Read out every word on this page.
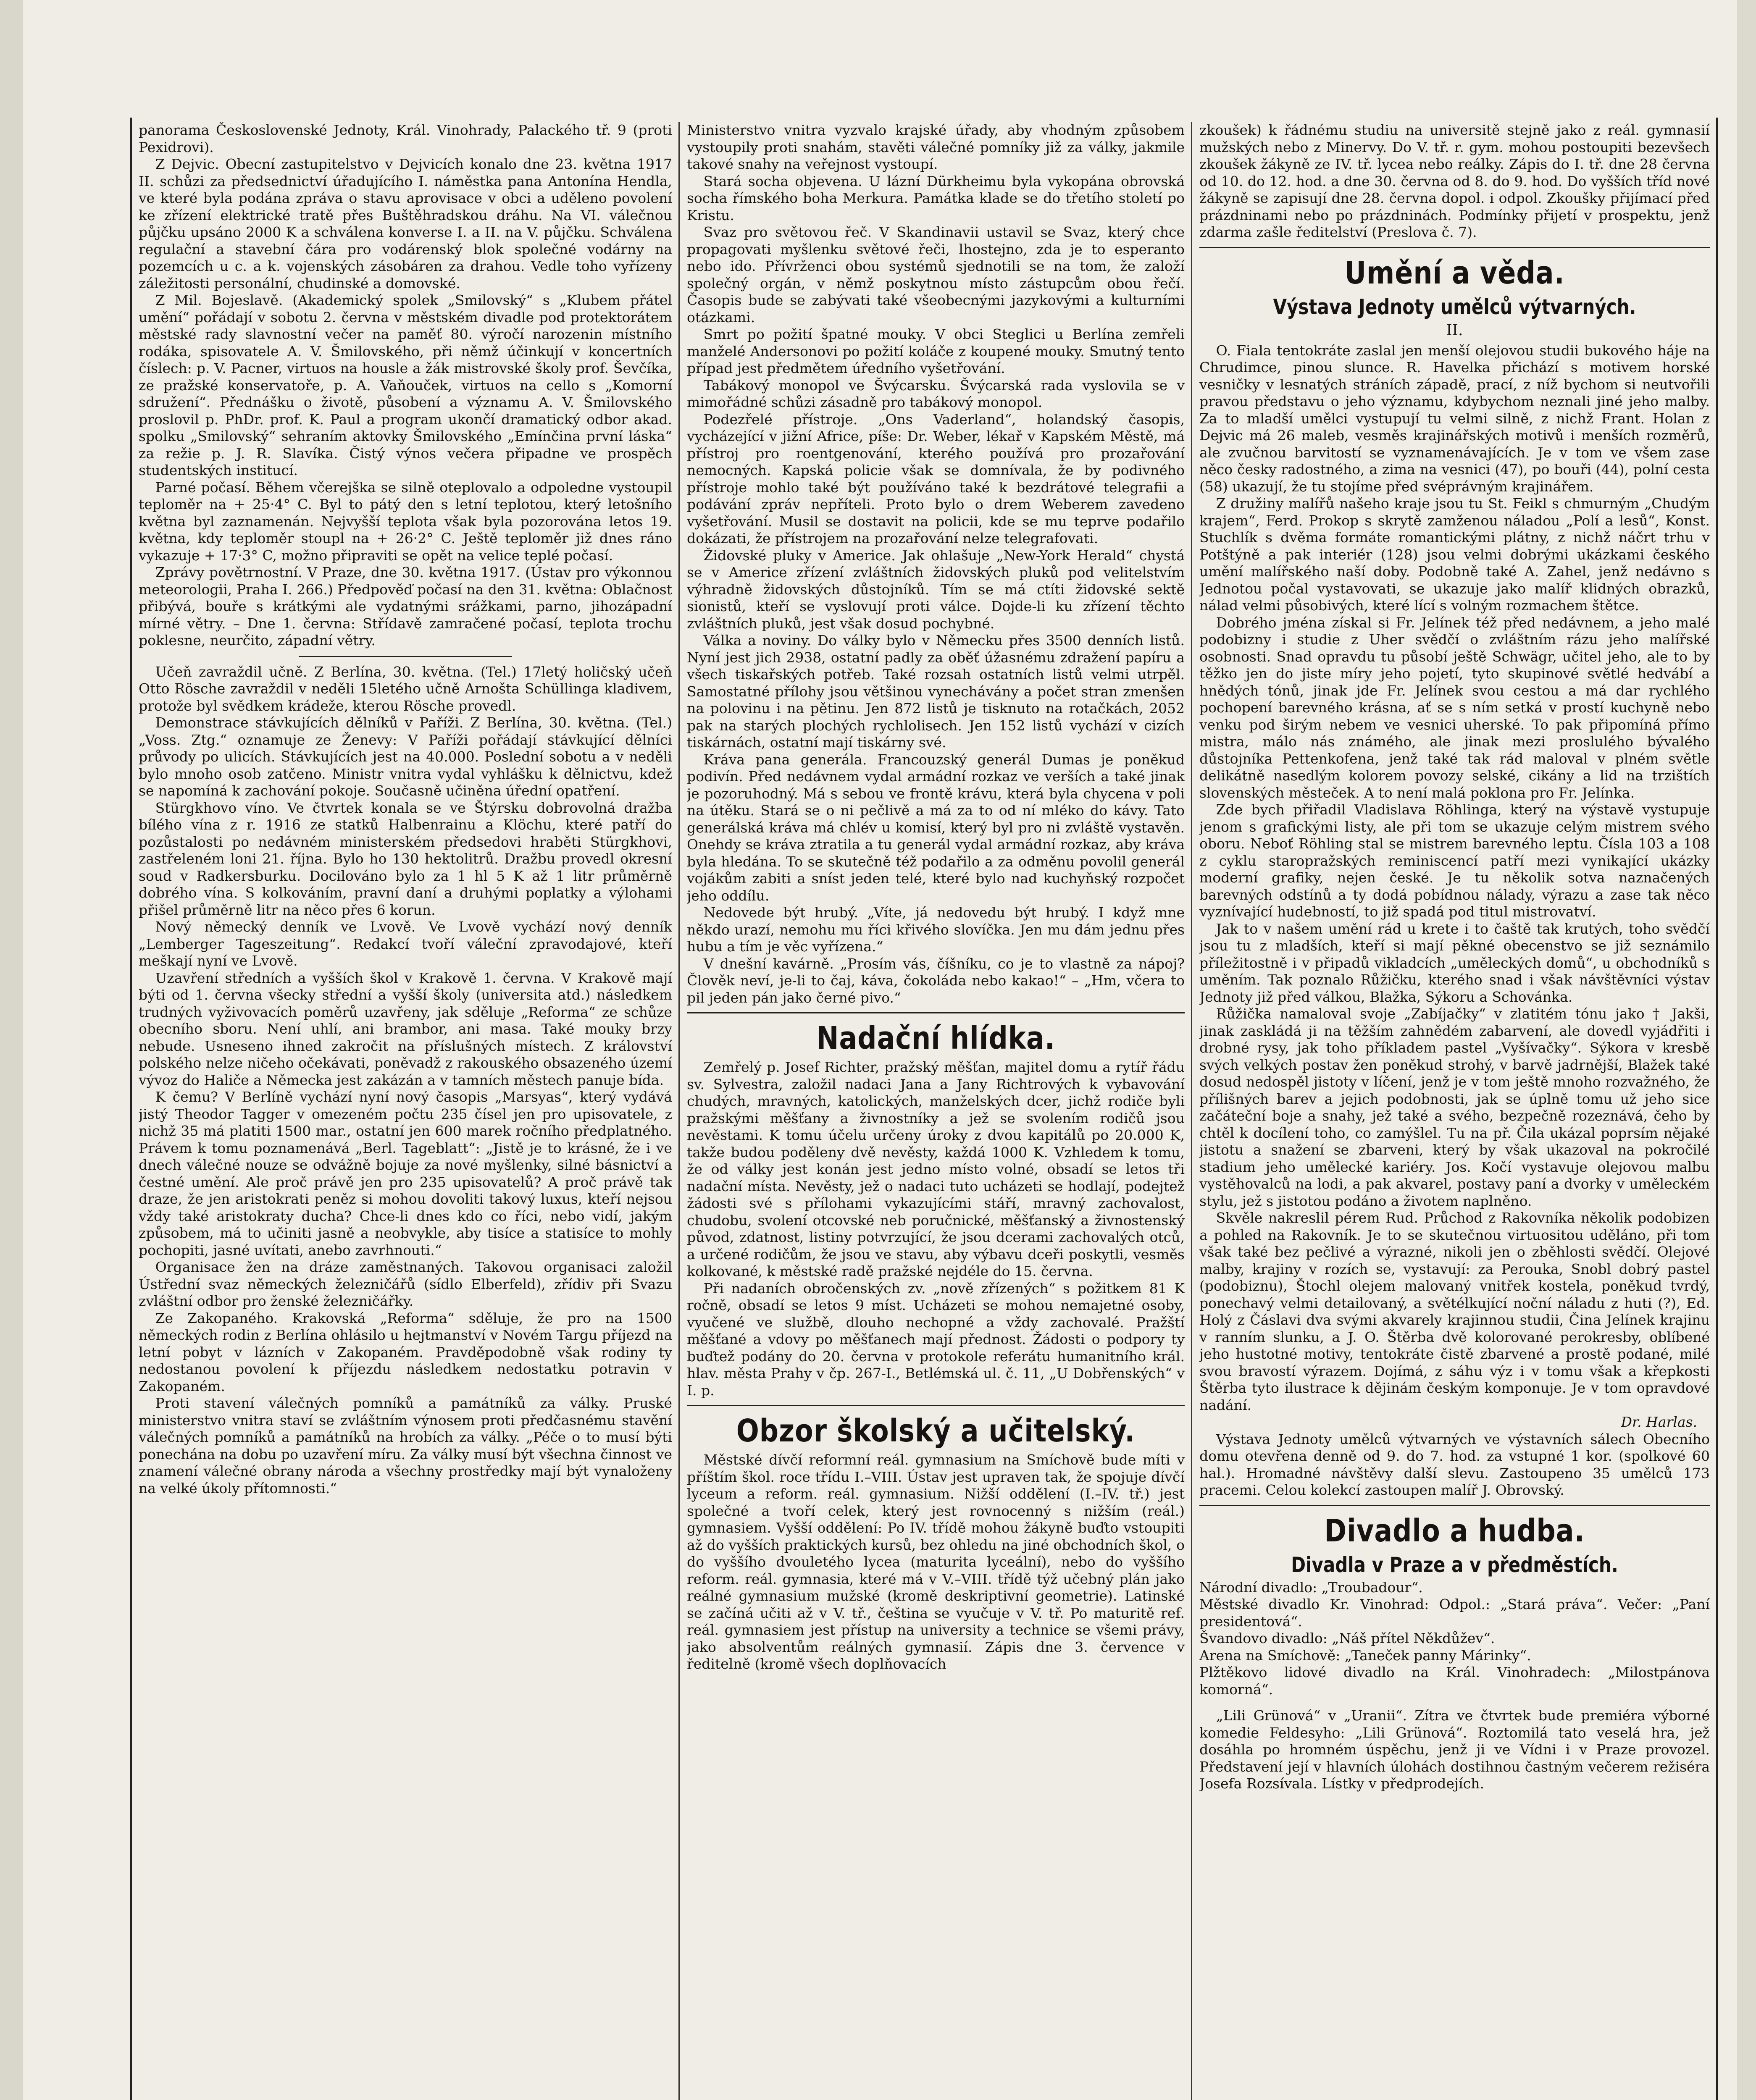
panorama Československé Jednoty, Král. Vinohrady, Palackého tř. 9 (proti Pexidrovi).

Z Dejvic. Obecní zastupitelstvo v Dejvicích konalo dne 23. května 1917 II. schůzi za předsednictví úřadujícího I. náměstka pana Antonína Hendla, ve které byla podána zpráva o stavu aprovisace v obci a uděleno povolení ke zřízení elektrické tratě přes Buštěhradskou dráhu. Na VI. válečnou půjčku upsáno 2000 K a schválena konverse I. a II. na V. půjčku. Schválena regulační a stavební čára pro vodárenský blok společné vodárny na pozemcích u c. a k. vojenských zásobáren za drahou. Vedle toho vyřízeny záležitosti personální, chudinské a domovské.

Z Mil. Bojeslavě. (Akademický spolek „Smilovský“ s „Klubem přátel umění“ pořádají v sobotu 2. června v městském divadle pod protektorátem městské rady slavnostní večer na paměť 80. výročí narozenin místního rodáka, spisovatele A. V. Šmilovského, při němž účinkují v koncertních číslech: p. V. Pacner, virtuos na housle a žák mistrovské školy prof. Ševčíka, ze pražské konservatoře, p. A. Vaňouček, virtuos na cello s „Komorní sdružení“. Přednášku o životě, působení a významu A. V. Šmilovského proslovil p. PhDr. prof. K. Paul a program ukončí dramatický odbor akad. spolku „Smilovský“ sehraním aktovky Šmilovského „Emínčina první láska“ za režie p. J. R. Slavíka. Čistý výnos večera připadne ve prospěch studentských institucí.

Parné počasí. Během včerejška se silně oteplovalo a odpoledne vystoupil teploměr na + 25·4° C. Byl to pátý den s letní teplotou, který letošního května byl zaznamenán. Nejvyšší teplota však byla pozorována letos 19. května, kdy teploměr stoupl na + 26·2° C. Ještě teploměr již dnes ráno vykazuje + 17·3° C, možno připraviti se opět na velice teplé počasí.

Zprávy povětrnostní. V Praze, dne 30. května 1917. (Ústav pro výkonnou meteorologii, Praha I. 266.) Předpověď počasí na den 31. května: Oblačnost přibývá, bouře s krátkými ale vydatnými srážkami, parno, jihozápadní mírné větry. – Dne 1. června: Střídavě zamračené počasí, teplota trochu poklesne, neurčito, západní větry.

Učeň zavraždil učně. Z Berlína, 30. května. (Tel.) 17letý holičský učeň Otto Rösche zavraždil v neděli 15letého učně Arnošta Schüllinga kladivem, protože byl svědkem krádeže, kterou Rösche provedl.

Demonstrace stávkujících dělníků v Paříži. Z Berlína, 30. května. (Tel.) „Voss. Ztg.“ oznamuje ze Ženevy: V Paříži pořádají stávkující dělníci průvody po ulicích. Stávkujících jest na 40.000. Poslední sobotu a v neděli bylo mnoho osob zatčeno. Ministr vnitra vydal vyhlášku k dělnictvu, kdež se napomíná k zachování pokoje. Současně učiněna úřední opatření.

Stürgkhovo víno. Ve čtvrtek konala se ve Štýrsku dobrovolná dražba bílého vína z r. 1916 ze statků Halbenrainu a Klöchu, které patří do pozůstalosti po nedávném ministerském předsedovi hraběti Stürgkhovi, zastřeleném loni 21. října. Bylo ho 130 hektolitrů. Dražbu provedl okresní soud v Radkersburku. Docilováno bylo za 1 hl 5 K až 1 litr průměrně dobrého vína. S kolkováním, pravní daní a druhými poplatky a výlohami přišel průměrně litr na něco přes 6 korun.

Nový německý denník ve Lvově. Ve Lvově vychází nový denník „Lemberger Tageszeitung“. Redakcí tvoří váleční zpravodajové, kteří meškají nyní ve Lvově.

Uzavření středních a vyšších škol v Krakově 1. června. V Krakově mají býti od 1. června všecky střední a vyšší školy (universita atd.) následkem trudných vyživovacích poměrů uzavřeny, jak sděluje „Reforma“ ze schůze obecního sboru. Není uhlí, ani brambor, ani masa. Také mouky brzy nebude. Usneseno ihned zakročit na příslušných místech. Z království polského nelze ničeho očekávati, poněvadž z rakouského obsazeného území vývoz do Haliče a Německa jest zakázán a v tamních městech panuje bída.

K čemu? V Berlíně vychází nyní nový časopis „Marsyas“, který vydává jistý Theodor Tagger v omezeném počtu 235 čísel jen pro upisovatele, z nichž 35 má platiti 1500 mar., ostatní jen 600 marek ročního předplatného. Právem k tomu poznamenává „Berl. Tageblatt“: „Jistě je to krásné, že i ve dnech válečné nouze se odvážně bojuje za nové myšlenky, silné básnictví a čestné umění. Ale proč právě jen pro 235 upisovatelů? A proč právě tak draze, že jen aristokrati peněz si mohou dovoliti takový luxus, kteří nejsou vždy také aristokraty ducha? Chce-li dnes kdo co říci, nebo vidí, jakým způsobem, má to učiniti jasně a neobvykle, aby tisíce a statisíce to mohly pochopiti, jasné uvítati, anebo zavrhnouti.“

Organisace žen na dráze zaměstnaných. Takovou organisaci založil Ústřední svaz německých železničářů (sídlo Elberfeld), zřídiv při Svazu zvláštní odbor pro ženské železničářky.

Ze Zakopaného. Krakovská „Reforma“ sděluje, že pro na 1500 německých rodin z Berlína ohlásilo u hejtmanství v Novém Targu příjezd na letní pobyt v lázních v Zakopaném. Pravděpodobně však rodiny ty nedostanou povolení k příjezdu následkem nedostatku potravin v Zakopaném.

Proti stavení válečných pomníků a památníků za války. Pruské ministerstvo vnitra staví se zvláštním výnosem proti předčasnému stavění válečných pomníků a památníků na hrobích za války. „Péče o to musí býti ponechána na dobu po uzavření míru. Za války musí být všechna činnost ve znamení válečné obrany národa a všechny prostředky mají být vynaloženy na velké úkoly přítomnosti.“

Ministerstvo vnitra vyzvalo krajské úřady, aby vhodným způsobem vystoupily proti snahám, stavěti válečné pomníky již za války, jakmile takové snahy na veřejnost vystoupí.

Stará socha objevena. U lázní Dürkheimu byla vykopána obrovská socha římského boha Merkura. Památka klade se do třetího století po Kristu.

Svaz pro světovou řeč. V Skandinavii ustavil se Svaz, který chce propagovati myšlenku světové řeči, lhostejno, zda je to esperanto nebo ido. Přívrženci obou systémů sjednotili se na tom, že založí společný orgán, v němž poskytnou místo zástupcům obou řečí. Časopis bude se zabývati také všeobecnými jazykovými a kulturními otázkami.

Smrt po požití špatné mouky. V obci Steglici u Berlína zemřeli manželé Andersonovi po požití koláče z koupené mouky. Smutný tento případ jest předmětem úředního vyšetřování.

Tabákový monopol ve Švýcarsku. Švýcarská rada vyslovila se v mimořádné schůzi zásadně pro tabákový monopol.

Podezřelé přístroje. „Ons Vaderland“, holandský časopis, vycházející v jižní Africe, píše: Dr. Weber, lékař v Kapském Městě, má přístroj pro roentgenování, kterého používá pro prozařování nemocných. Kapská policie však se domnívala, že by podivného přístroje mohlo také být používáno také k bezdrátové telegrafii a podávání zpráv nepříteli. Proto bylo o drem Weberem zavedeno vyšetřování. Musil se dostavit na policii, kde se mu teprve podařilo dokázati, že přístrojem na prozařování nelze telegrafovati.

Židovské pluky v Americe. Jak ohlašuje „New-York Herald“ chystá se v Americe zřízení zvláštních židovských pluků pod velitelstvím výhradně židovských důstojníků. Tím se má ctíti židovské sektě sionistů, kteří se vyslovují proti válce. Dojde-li ku zřízení těchto zvláštních pluků, jest však dosud pochybné.

Válka a noviny. Do války bylo v Německu přes 3500 denních listů. Nyní jest jich 2938, ostatní padly za oběť úžasnému zdražení papíru a všech tiskařských potřeb. Také rozsah ostatních listů velmi utrpěl. Samostatné přílohy jsou většinou vynechávány a počet stran zmenšen na polovinu i na pětinu. Jen 872 listů je tisknuto na rotačkách, 2052 pak na starých plochých rychlolisech. Jen 152 listů vychází v cizích tiskárnách, ostatní mají tiskárny své.

Kráva pana generála. Francouzský generál Dumas je poněkud podivín. Před nedávnem vydal armádní rozkaz ve verších a také jinak je pozoruhodný. Má s sebou ve frontě krávu, která byla chycena v poli na útěku. Stará se o ni pečlivě a má za to od ní mléko do kávy. Tato generálská kráva má chlév u komisí, který byl pro ni zvláště vystavěn. Onehdy se kráva ztratila a tu generál vydal armádní rozkaz, aby kráva byla hledána. To se skutečně též podařilo a za odměnu povolil generál vojákům zabiti a sníst jeden telé, které bylo nad kuchyňský rozpočet jeho oddílu.

Nedovede být hrubý. „Víte, já nedovedu být hrubý. I když mne někdo urazí, nemohu mu říci křivého slovíčka. Jen mu dám jednu přes hubu a tím je věc vyřízena.“

V dnešní kavárně. „Prosím vás, číšníku, co je to vlastně za nápoj? Člověk neví, je-li to čaj, káva, čokoláda nebo kakao!“ – „Hm, včera to pil jeden pán jako černé pivo.“

Nadační hlídka.

Zemřelý p. Josef Richter, pražský měšťan, majitel domu a rytíř řádu sv. Sylvestra, založil nadaci Jana a Jany Richtrových k vybavování chudých, mravných, katolických, manželských dcer, jichž rodiče byli pražskými měšťany a živnostníky a jež se svolením rodičů jsou nevěstami. K tomu účelu určeny úroky z dvou kapitálů po 20.000 K, takže budou poděleny dvě nevěsty, každá 1000 K. Vzhledem k tomu, že od války jest konán jest jedno místo volné, obsadí se letos tři nadační místa. Nevěsty, jež o nadaci tuto ucházeti se hodlají, podejtež žádosti své s přílohami vykazujícími stáří, mravný zachovalost, chudobu, svolení otcovské neb poručnické, měšťanský a živnostenský původ, zdatnost, listiny potvrzující, že jsou dcerami zachovalých otců, a určené rodičům, že jsou ve stavu, aby výbavu dceři poskytli, vesměs kolkované, k městské radě pražské nejdéle do 15. června.

Při nadaních obročenských zv. „nově zřízených“ s požitkem 81 K ročně, obsadí se letos 9 míst. Ucházeti se mohou nemajetné osoby, vyučené ve službě, dlouho nechopné a vždy zachovalé. Pražští měšťané a vdovy po měšťanech mají přednost. Žádosti o podpory ty buďtež podány do 20. června v protokole referátu humanitního král. hlav. města Prahy v čp. 267-I., Betlémská ul. č. 11, „U Dobřenských“ v I. p.

Obzor školský a učitelský.

Městské dívčí reformní reál. gymnasium na Smíchově bude míti v příštím škol. roce třídu I.–VIII. Ústav jest upraven tak, že spojuje dívčí lyceum a reform. reál. gymnasium. Nižší oddělení (I.–IV. tř.) jest společné a tvoří celek, který jest rovnocenný s nižším (reál.) gymnasiem. Vyšší oddělení: Po IV. třídě mohou žákyně buďto vstoupiti až do vyšších praktických kursů, bez ohledu na jiné obchodních škol, o do vyššího dvouletého lycea (maturita lyceální), nebo do vyššího reform. reál. gymnasia, které má v V.–VIII. třídě týž učebný plán jako reálné gymnasium mužské (kromě deskriptivní geometrie). Latinské se začíná učiti až v V. tř., čeština se vyučuje v V. tř. Po maturitě ref. reál. gymnasiem jest přístup na university a technice se všemi právy, jako absolventům reálných gymnasií. Zápis dne 3. července v ředitelně (kromě všech doplňovacích

zkoušek) k řádnému studiu na universitě stejně jako z reál. gymnasií mužských nebo z Minervy. Do V. tř. r. gym. mohou postoupiti bezevšech zkoušek žákyně ze IV. tř. lycea nebo reálky. Zápis do I. tř. dne 28 června od 10. do 12. hod. a dne 30. června od 8. do 9. hod. Do vyšších tříd nové žákyně se zapisují dne 28. června dopol. i odpol. Zkoušky přijímací před prázdninami nebo po prázdninách. Podmínky přijetí v prospektu, jenž zdarma zašle ředitelství (Preslova č. 7).

Umění a věda.
Výstava Jednoty umělců výtvarných.
II.

O. Fiala tentokráte zaslal jen menší olejovou studii bukového háje na Chrudimce, pinou slunce. R. Havelka přichází s motivem horské vesničky v lesnatých stráních západě, prací, z níž bychom si neutvořili pravou představu o jeho významu, kdybychom neznali jiné jeho malby. Za to mladší umělci vystupují tu velmi silně, z nichž Frant. Holan z Dejvic má 26 maleb, vesměs krajinářských motivů i menších rozměrů, ale zvučnou barvitostí se vyznamenávajících. Je v tom ve všem zase něco česky radostného, a zima na vesnici (47), po bouři (44), polní cesta (58) ukazují, že tu stojíme před svéprávným krajinářem.

Z družiny malířů našeho kraje jsou tu St. Feikl s chmurným „Chudým krajem“, Ferd. Prokop s skrytě zamženou náladou „Polí a lesů“, Konst. Stuchlík s dvěma formáte romantickými plátny, z nichž náčrt trhu v Potštýně a pak interiér (128) jsou velmi dobrými ukázkami českého umění malířského naší doby. Podobně také A. Zahel, jenž nedávno s Jednotou počal vystavovati, se ukazuje jako malíř klidných obrazků, nálad velmi působivých, které lící s volným rozmachem štětce.

Dobrého jména získal si Fr. Jelínek též před nedávnem, a jeho malé podobizny i studie z Uher svědčí o zvláštním rázu jeho malířské osobnosti. Snad opravdu tu působí ještě Schwägr, učitel jeho, ale to by těžko jen do jiste míry jeho pojetí, tyto skupinové světlé hedvábí a hnědých tónů, jinak jde Fr. Jelínek svou cestou a má dar rychlého pochopení barevného krásna, ať se s ním setká v prostí kuchyně nebo venku pod širým nebem ve vesnici uherské. To pak připomíná přímo mistra, málo nás známého, ale jinak mezi proslulého bývalého důstojníka Pettenkofena, jenž také tak rád maloval v plném světle delikátně nasedlým kolorem povozy selské, cikány a lid na trzištích slovenských městeček. A to není malá poklona pro Fr. Jelínka.

Zde bych přiřadil Vladislava Röhlinga, který na výstavě vystupuje jenom s grafickými listy, ale při tom se ukazuje celým mistrem svého oboru. Neboť Röhling stal se mistrem barevného leptu. Čísla 103 a 108 z cyklu staropražských reminiscencí patří mezi vynikající ukázky moderní grafiky, nejen české. Je tu několik sotva naznačených barevných odstínů a ty dodá pobídnou nálady, výrazu a zase tak něco vyznívající hudebností, to již spadá pod titul mistrovatví.

Jak to v našem umění rád u krete i to čaště tak krutých, toho svědčí jsou tu z mladších, kteří si mají pěkné obecenstvo se již seznámilo příležitostně i v připadů vikladcích „uměleckých domů“, u obchodníků s uměním. Tak poznalo Růžičku, kterého snad i však návštěvníci výstav Jednoty již před válkou, Blažka, Sýkoru a Schovánka.

Růžička namaloval svoje „Zabíjačky“ v zlatitém tónu jako † Jakši, jinak zaskládá ji na těžším zahnědém zabarvení, ale dovedl vyjádřiti i drobné rysy, jak toho příkladem pastel „Vyšívačky“. Sýkora v kresbě svých velkých postav žen poněkud strohý, v barvě jadrnější, Blažek také dosud nedospěl jistoty v líčení, jenž je v tom ještě mnoho rozvažného, že přílišných barev a jejich podobnosti, jak se úplně tomu už jeho sice začáteční boje a snahy, jež také a svého, bezpečně rozeznává, čeho by chtěl k docílení toho, co zamýšlel. Tu na př. Čila ukázal poprsím nějaké jistotu a snažení se zbarveni, který by však ukazoval na pokročilé stadium jeho umělecké kariéry. Jos. Kočí vystavuje olejovou malbu vystěhovalců na lodi, a pak akvarel, postavy paní a dvorky v uměleckém stylu, jež s jistotou podáno a životem naplněno.

Skvěle nakreslil pérem Rud. Průchod z Rakovníka několik podobizen a pohled na Rakovník. Je to se skutečnou virtuositou uděláno, při tom však také bez pečlivé a výrazné, nikoli jen o zběhlosti svědčí. Olejové malby, krajiny v rozích se, vystavují: za Perouka, Snobl dobrý pastel (podobiznu), Štochl olejem malovaný vnitřek kostela, poněkud tvrdý, ponechavý velmi detailovaný, a světélkující noční náladu z huti (?), Ed. Holý z Čáslavi dva svými akvarely krajinnou studii, Čina Jelínek krajinu v ranním slunku, a J. O. Štěrba dvě kolorované perokresby, oblíbené jeho hustotné motivy, tentokráte čistě zbarvené a prostě podané, milé svou bravostí výrazem. Dojímá, z sáhu výz i v tomu však a křepkosti Štěrba tyto ilustrace k dějinám českým komponuje. Je v tom opravdové nadání.

Dr. Harlas.

Výstava Jednoty umělců výtvarných ve výstavních sálech Obecního domu otevřena denně od 9. do 7. hod. za vstupné 1 kor. (spolkové 60 hal.). Hromadné návštěvy další slevu. Zastoupeno 35 umělců 173 pracemi. Celou kolekcí zastoupen malíř J. Obrovský.

Divadlo a hudba.
Divadla v Praze a v předměstích.

Národní divadlo: „Troubadour“.

Městské divadlo Kr. Vinohrad: Odpol.: „Stará práva“. Večer: „Paní presidentová“.

Švandovo divadlo: „Náš přítel Někdůžev“.

Arena na Smíchově: „Taneček panny Márinky“.

Plžtěkovo lidové divadlo na Král. Vinohradech: „Milostpánova komorná“.

„Lili Grünová“ v „Uranii“. Zítra ve čtvrtek bude premiéra výborné komedie Feldesyho: „Lili Grünová“. Roztomilá tato veselá hra, jež dosáhla po hromném úspěchu, jenž ji ve Vídni i v Praze provozel. Představení její v hlavních úlohách dostihnou častným večerem režiséra Josefa Rozsívala. Lístky v předprodejích.
